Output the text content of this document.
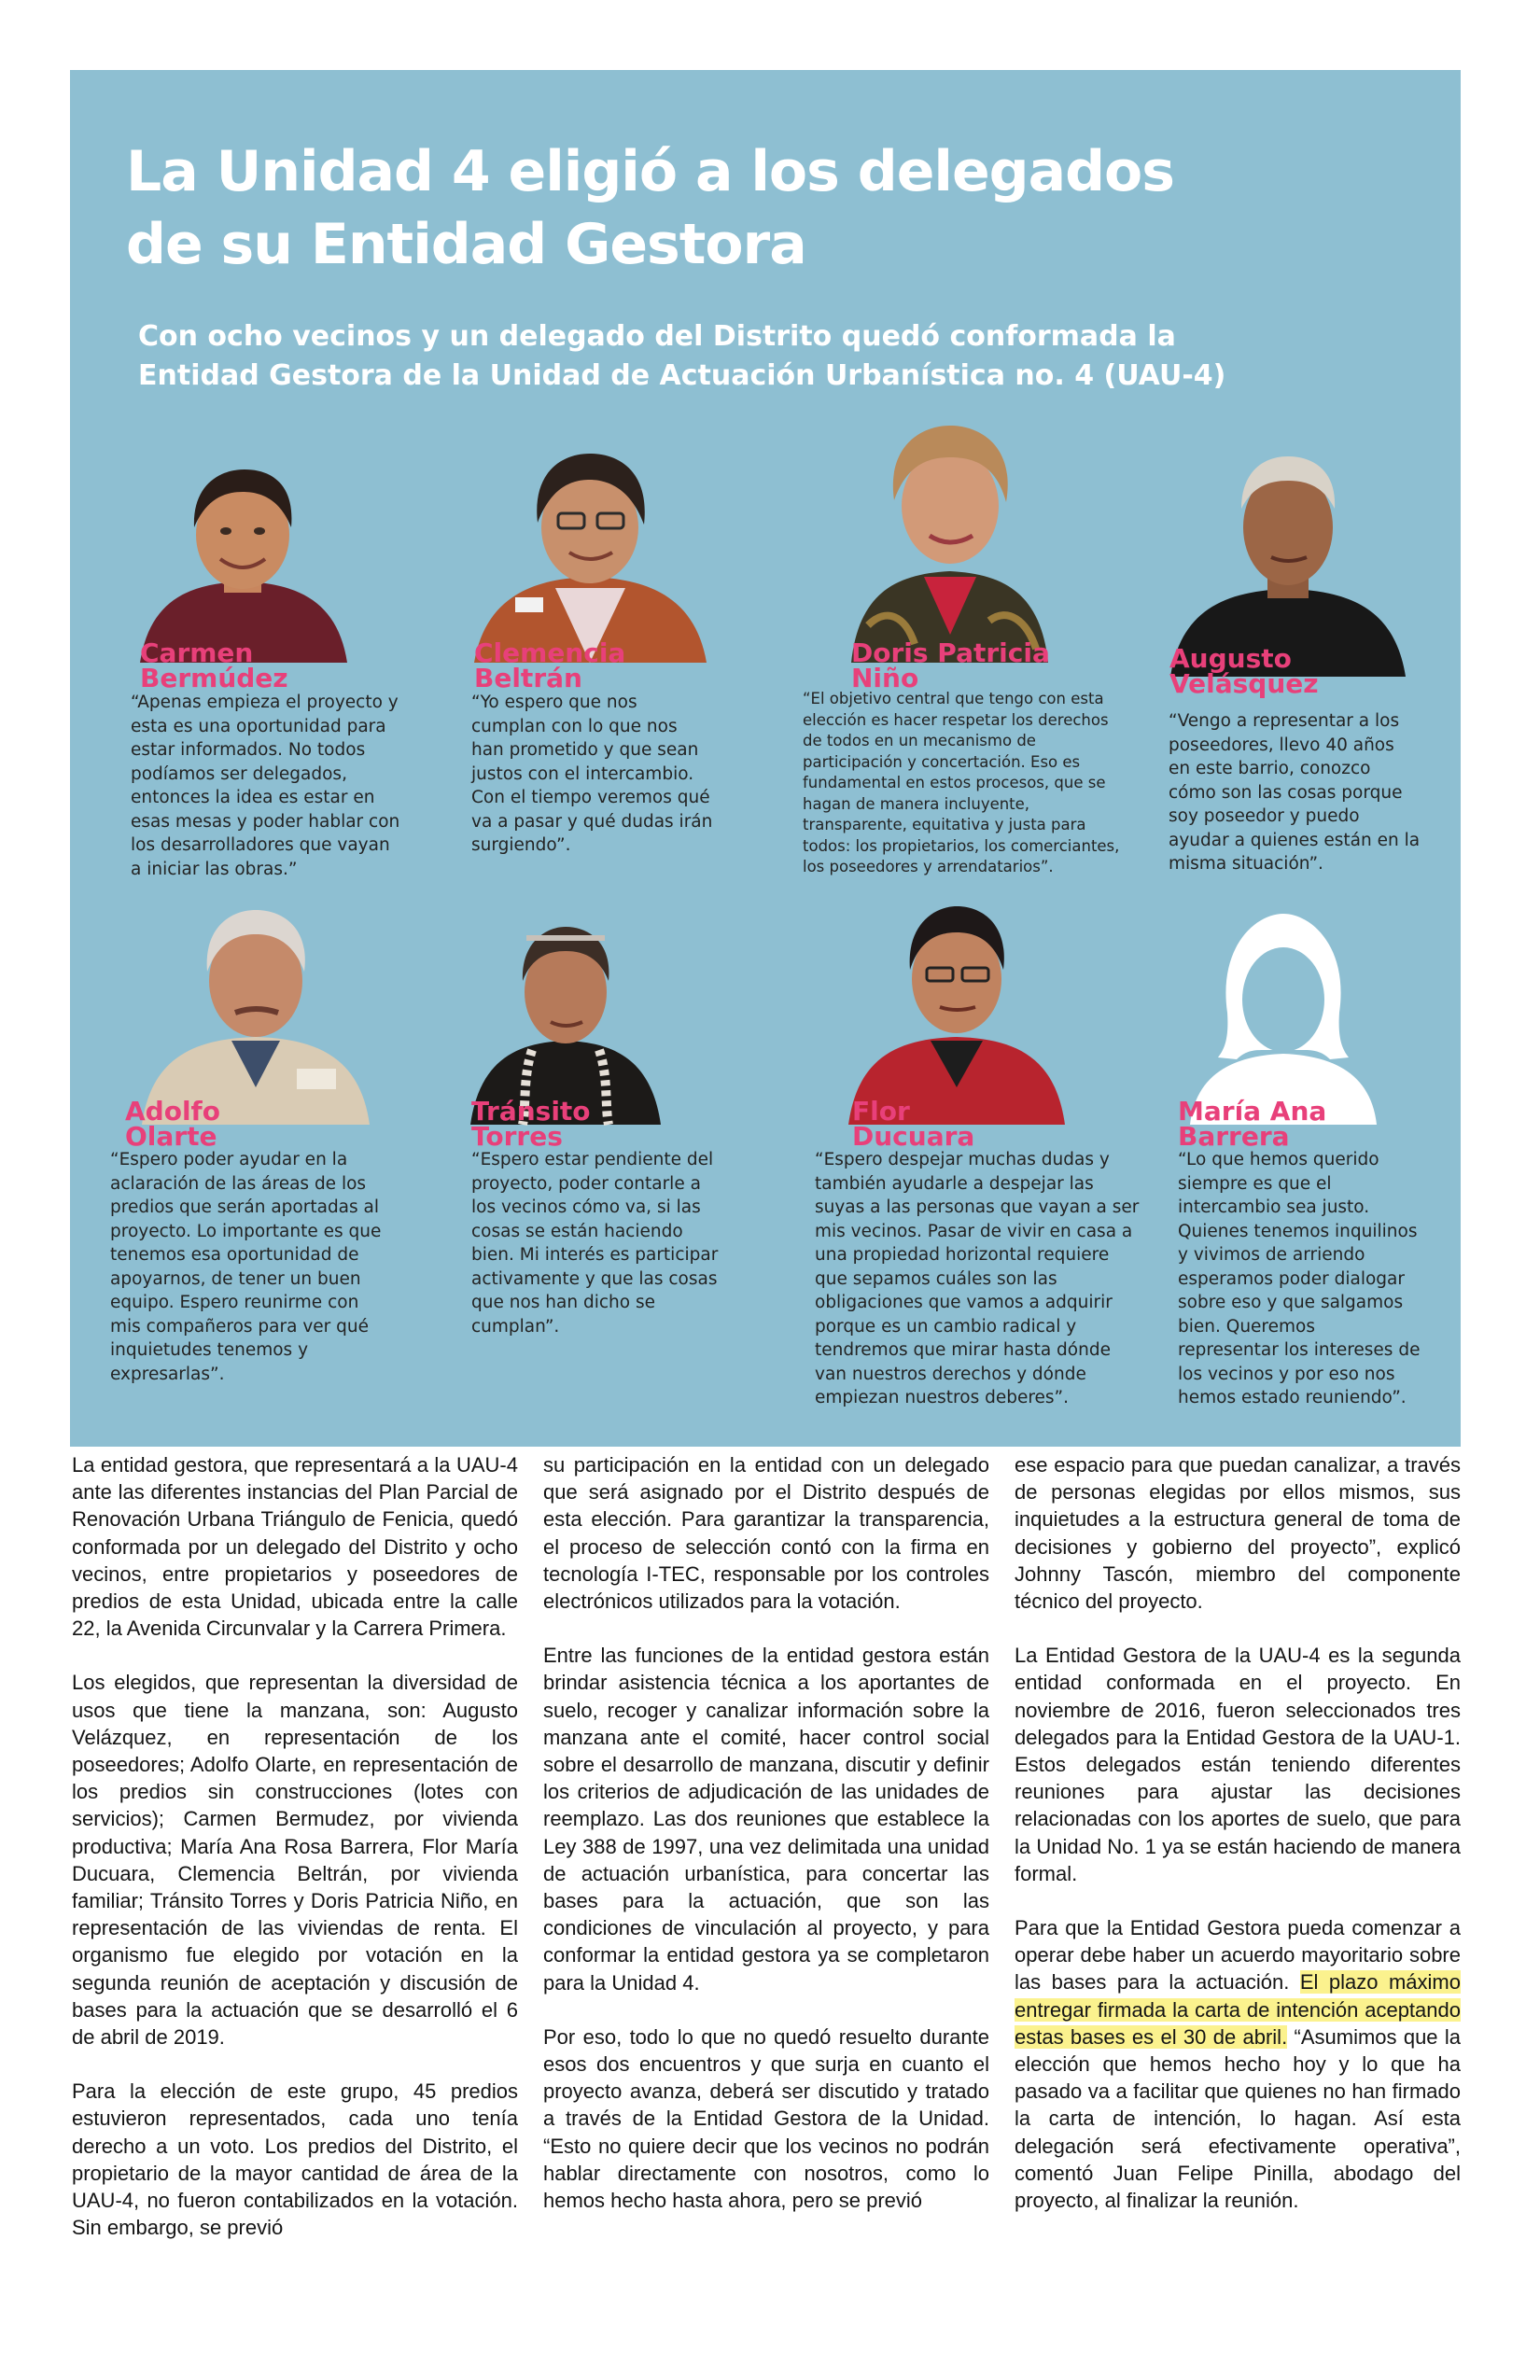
La Unidad 4 eligió a los delegados
de su Entidad Gestora
Con ocho vecinos y un delegado del Distrito quedó conformada la
Entidad Gestora de la Unidad de Actuación Urbanística no. 4 (UAU-4)
Carmen
Bermúdez

“Apenas empieza el proyecto y esta es una oportunidad para estar informados. No todos podíamos ser delegados, entonces la idea es estar en esas mesas y poder hablar con los desarrolladores que vayan a iniciar las obras.”

Clemencia
Beltrán

“Yo espero que nos cumplan con lo que nos han prometido y que sean justos con el intercambio. Con el tiempo veremos qué va a pasar y qué dudas irán surgiendo”.

Doris Patricia
Niño

“El objetivo central que tengo con esta elección es hacer respetar los derechos de todos en un mecanismo de participación y concertación. Eso es fundamental en estos procesos, que se hagan de manera incluyente, transparente, equitativa y justa para todos: los propietarios, los comerciantes, los poseedores y arrendatarios”.

Augusto
Velásquez

“Vengo a representar a los poseedores, llevo 40 años en este barrio, conozco cómo son las cosas porque soy poseedor y puedo ayudar a quienes están en la misma situación”.

Adolfo
Olarte

“Espero poder ayudar en la aclaración de las áreas de los predios que serán aportadas al proyecto. Lo importante es que tenemos esa oportunidad de apoyarnos, de tener un buen equipo. Espero reunirme con mis compañeros para ver qué inquietudes tenemos y expresarlas”.

Tránsito
Torres

“Espero estar pendiente del proyecto, poder contarle a los vecinos cómo va, si las cosas se están haciendo bien. Mi interés es participar activamente y que las cosas que nos han dicho se cumplan”.

Flor
Ducuara

“Espero despejar muchas dudas y también ayudarle a despejar las suyas a las personas que vayan a ser mis vecinos. Pasar de vivir en casa a una propiedad horizontal requiere que sepamos cuáles son las obligaciones que vamos a adquirir porque es un cambio radical y tendremos que mirar hasta dónde van nuestros derechos y dónde empiezan nuestros deberes”.

María Ana
Barrera

“Lo que hemos querido siempre es que el intercambio sea justo. Quienes tenemos inquilinos y vivimos de arriendo esperamos poder dialogar sobre eso y que salgamos bien. Queremos representar los intereses de los vecinos y por eso nos hemos estado reuniendo”.

La entidad gestora, que representará a la UAU-4 ante las diferentes instancias del Plan Parcial de Renovación Urbana Triángulo de Fenicia, quedó conformada por un delegado del Distrito y ocho vecinos, entre propietarios y poseedores de predios de esta Unidad, ubicada entre la calle 22, la Avenida Circunvalar y la Carrera Primera.

Los elegidos, que representan la diversidad de usos que tiene la manzana, son: Augusto Velázquez, en representación de los poseedores; Adolfo Olarte, en representación de los predios sin construcciones (lotes con servicios); Carmen Bermudez, por vivienda productiva; María Ana Rosa Barrera, Flor María Ducuara, Clemencia Beltrán, por vivienda familiar; Tránsito Torres y Doris Patricia Niño, en representación de las viviendas de renta. El organismo fue elegido por votación en la segunda reunión de aceptación y discusión de bases para la actuación que se desarrolló el 6 de abril de 2019.

Para la elección de este grupo, 45 predios estuvieron representados, cada uno tenía derecho a un voto. Los predios del Distrito, el propietario de la mayor cantidad de área de la UAU-4, no fueron contabilizados en la votación. Sin embargo, se previó

su participación en la entidad con un delegado que será asignado por el Distrito después de esta elección. Para garantizar la transparencia, el proceso de selección contó con la firma en tecnología I-TEC, responsable por los controles electrónicos utilizados para la votación.

Entre las funciones de la entidad gestora están brindar asistencia técnica a los aportantes de suelo, recoger y canalizar información sobre la manzana ante el comité, hacer control social sobre el desarrollo de manzana, discutir y definir los criterios de adjudicación de las unidades de reemplazo. Las dos reuniones que establece la Ley 388 de 1997, una vez delimitada una unidad de actuación urbanística, para concertar las bases para la actuación, que son las condiciones de vinculación al proyecto, y para conformar la entidad gestora ya se completaron para la Unidad 4.

Por eso, todo lo que no quedó resuelto durante esos dos encuentros y que surja en cuanto el proyecto avanza, deberá ser discutido y tratado a través de la Entidad Gestora de la Unidad. “Esto no quiere decir que los vecinos no podrán hablar directamente con nosotros, como lo hemos hecho hasta ahora, pero se previó

ese espacio para que puedan canalizar, a través de personas elegidas por ellos mismos, sus inquietudes a la estructura general de toma de decisiones y gobierno del proyecto”, explicó Johnny Tascón, miembro del componente técnico del proyecto.

La Entidad Gestora de la UAU-4 es la segunda entidad conformada en el proyecto. En noviembre de 2016, fueron seleccionados tres delegados para la Entidad Gestora de la UAU-1. Estos delegados están teniendo diferentes reuniones para ajustar las decisiones relacionadas con los aportes de suelo, que para la Unidad No. 1 ya se están haciendo de manera formal.

Para que la Entidad Gestora pueda comenzar a operar debe haber un acuerdo mayoritario sobre las bases para la actuación. El plazo máximo entregar firmada la carta de intención aceptando estas bases es el 30 de abril. “Asumimos que la elección que hemos hecho hoy y lo que ha pasado va a facilitar que quienes no han firmado la carta de intención, lo hagan. Así esta delegación será efectivamente operativa”, comentó Juan Felipe Pinilla, abodago del proyecto, al finalizar la reunión.
